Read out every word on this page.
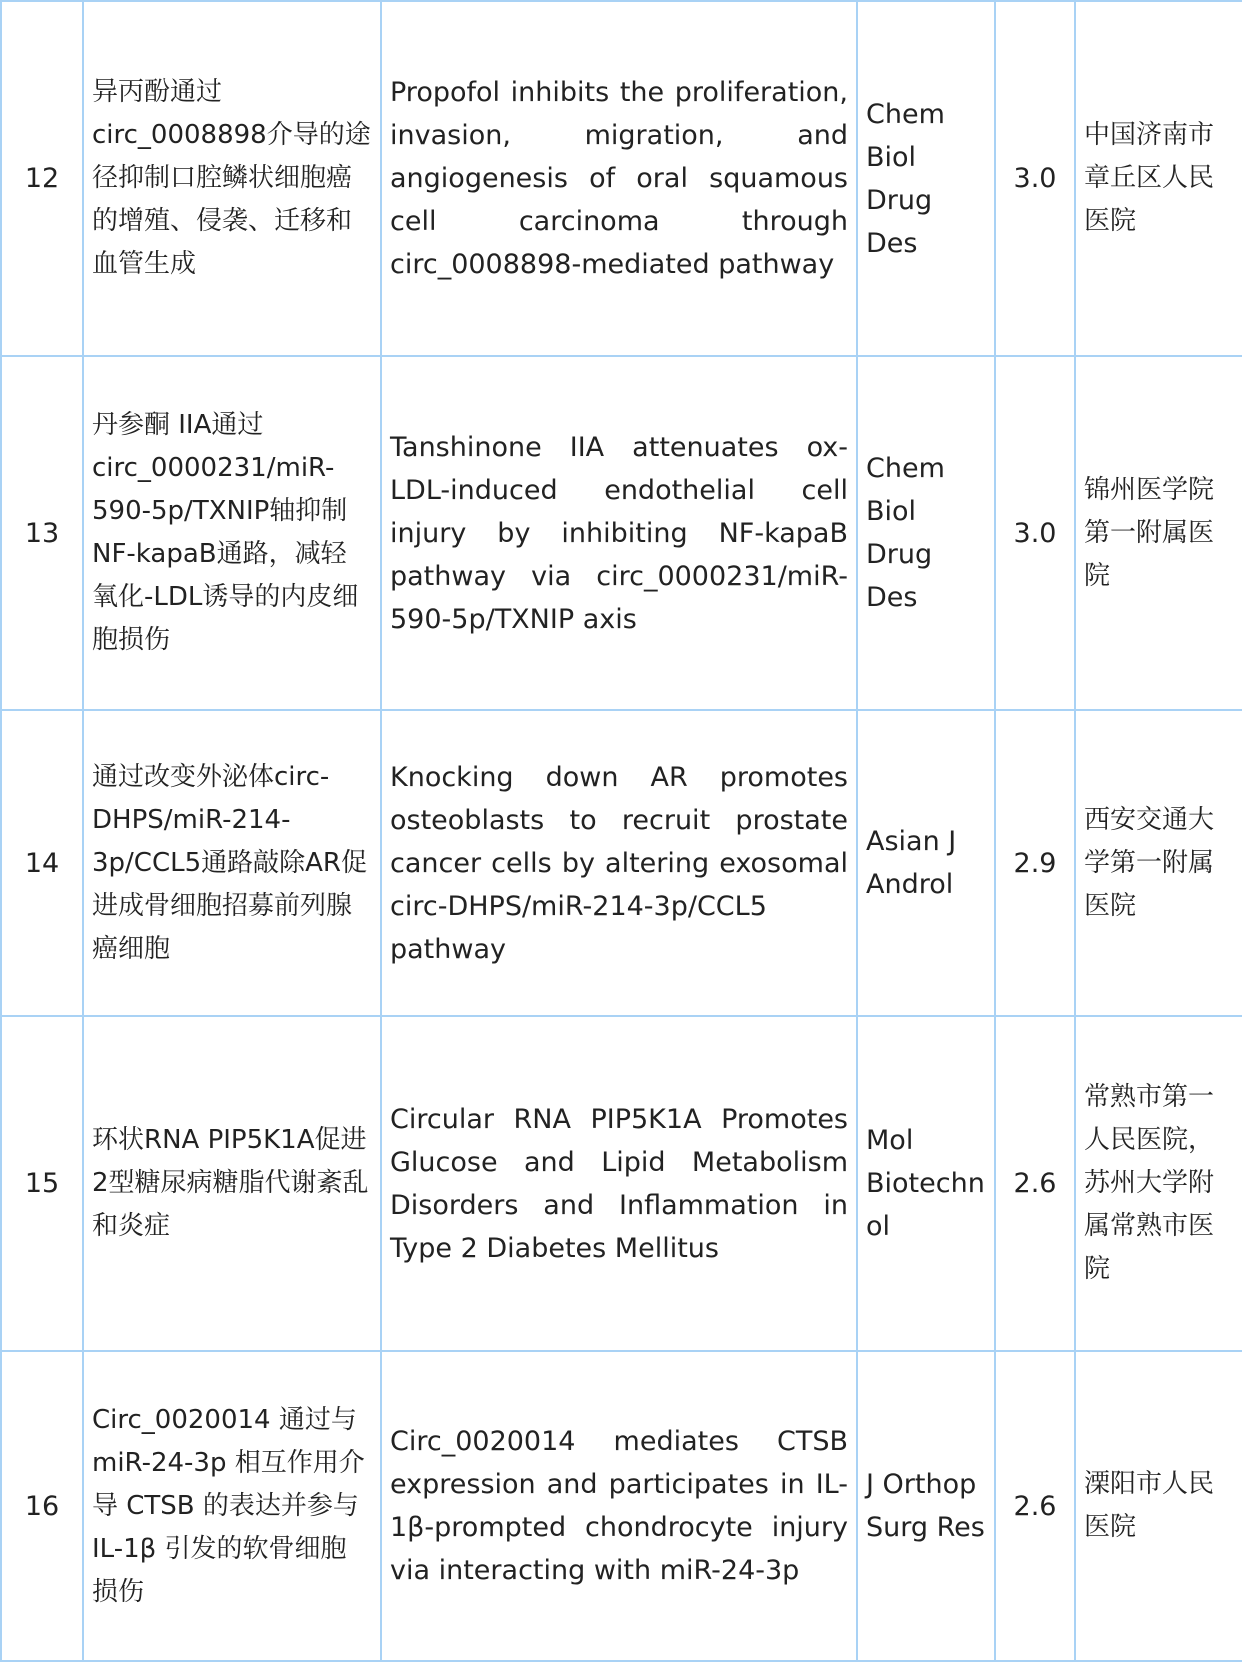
12	异丙酚通过circ_0008898介导的途径抑制口腔鳞状细胞癌的增殖、侵袭、迁移和血管生成	Propofol inhibits the proliferation, invasion, migration, and angiogenesis of oral squamous cell carcinoma through circ_0008898-mediated pathway	Chem Biol Drug Des	3.0	中国济南市章丘区人民医院
13	丹参酮 IIA通过circ_0000231/miR-590-5p/TXNIP轴抑制NF-kapaB通路，减轻氧化-LDL诱导的内皮细胞损伤	Tanshinone IIA attenuates ox-LDL-induced endothelial cell injury by inhibiting NF-kapaB pathway via circ_0000231/miR-590-5p/TXNIP axis	Chem Biol Drug Des	3.0	锦州医学院第一附属医院
14	通过改变外泌体circ-DHPS/miR-214-3p/CCL5通路敲除AR促进成骨细胞招募前列腺癌细胞	Knocking down AR promotes osteoblasts to recruit prostate cancer cells by altering exosomal circ-DHPS/miR-214-3p/CCL5 pathway	Asian J Androl	2.9	西安交通大学第一附属医院
15	环状RNA PIP5K1A促进2型糖尿病糖脂代谢紊乱和炎症	Circular RNA PIP5K1A Promotes Glucose and Lipid Metabolism Disorders and Inflammation in Type 2 Diabetes Mellitus	Mol Biotechnol	2.6	常熟市第一人民医院，苏州大学附属常熟市医院
16	Circ_0020014 通过与 miR-24-3p 相互作用介导 CTSB 的表达并参与 IL-1β 引发的软骨细胞损伤	Circ_0020014 mediates CTSB expression and participates in IL-1β-prompted chondrocyte injury via interacting with miR-24-3p	J Orthop Surg Res	2.6	溧阳市人民医院
